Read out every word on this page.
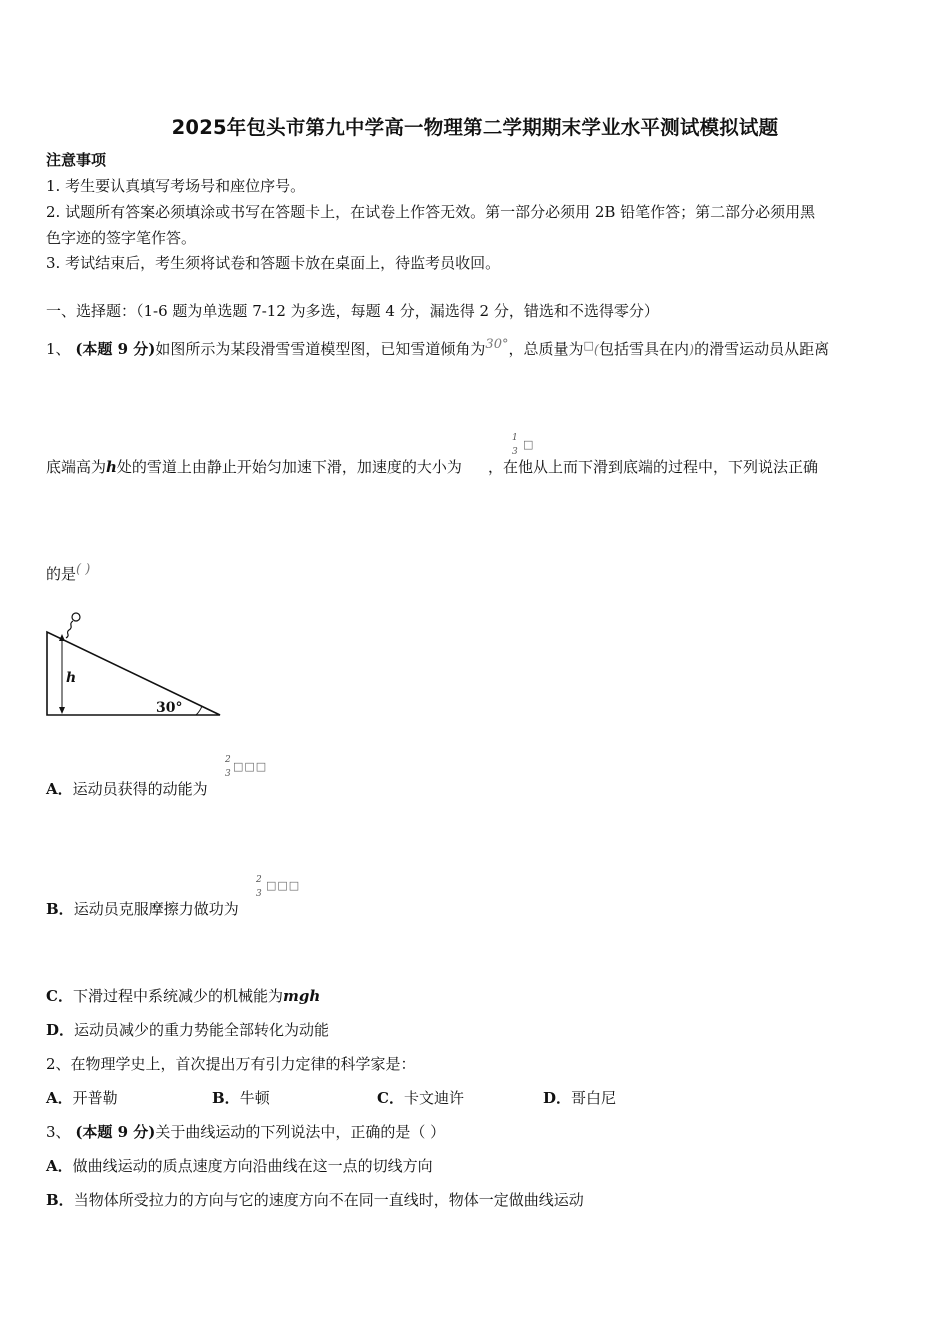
2025年包头市第九中学高一物理第二学期期末学业水平测试模拟试题
注意事项
1. 考生要认真填写考场号和座位序号。
2. 试题所有答案必须填涂或书写在答题卡上，在试卷上作答无效。第一部分必须用 2B 铅笔作答；第二部分必须用黑
色字迹的签字笔作答。
3. 考试结束后，考生须将试卷和答题卡放在桌面上，待监考员收回。
一、选择题：（1-6 题为单选题 7-12 为多选，每题 4 分，漏选得 2 分，错选和不选得零分）
1、 (本题 9 分)如图所示为某段滑雪雪道模型图，已知雪道倾角为30°，总质量为□(包括雪具在内)的滑雪运动员从距离
1
3
□
底端高为h处的雪道上由静止开始匀加速下滑，加速度的大小为 ，在他从上而下滑到底端的过程中，下列说法正确
的是( )
h
30°
2
3
□□□
A．运动员获得的动能为
2
3
□□□
B．运动员克服摩擦力做功为
C．下滑过程中系统减少的机械能为mgh
D．运动员减少的重力势能全部转化为动能
2、在物理学史上，首次提出万有引力定律的科学家是：
A．开普勒	B．牛顿	C．卡文迪许	D．哥白尼
3、 (本题 9 分)关于曲线运动的下列说法中，正确的是（ ）
A．做曲线运动的质点速度方向沿曲线在这一点的切线方向
B．当物体所受拉力的方向与它的速度方向不在同一直线时，物体一定做曲线运动
